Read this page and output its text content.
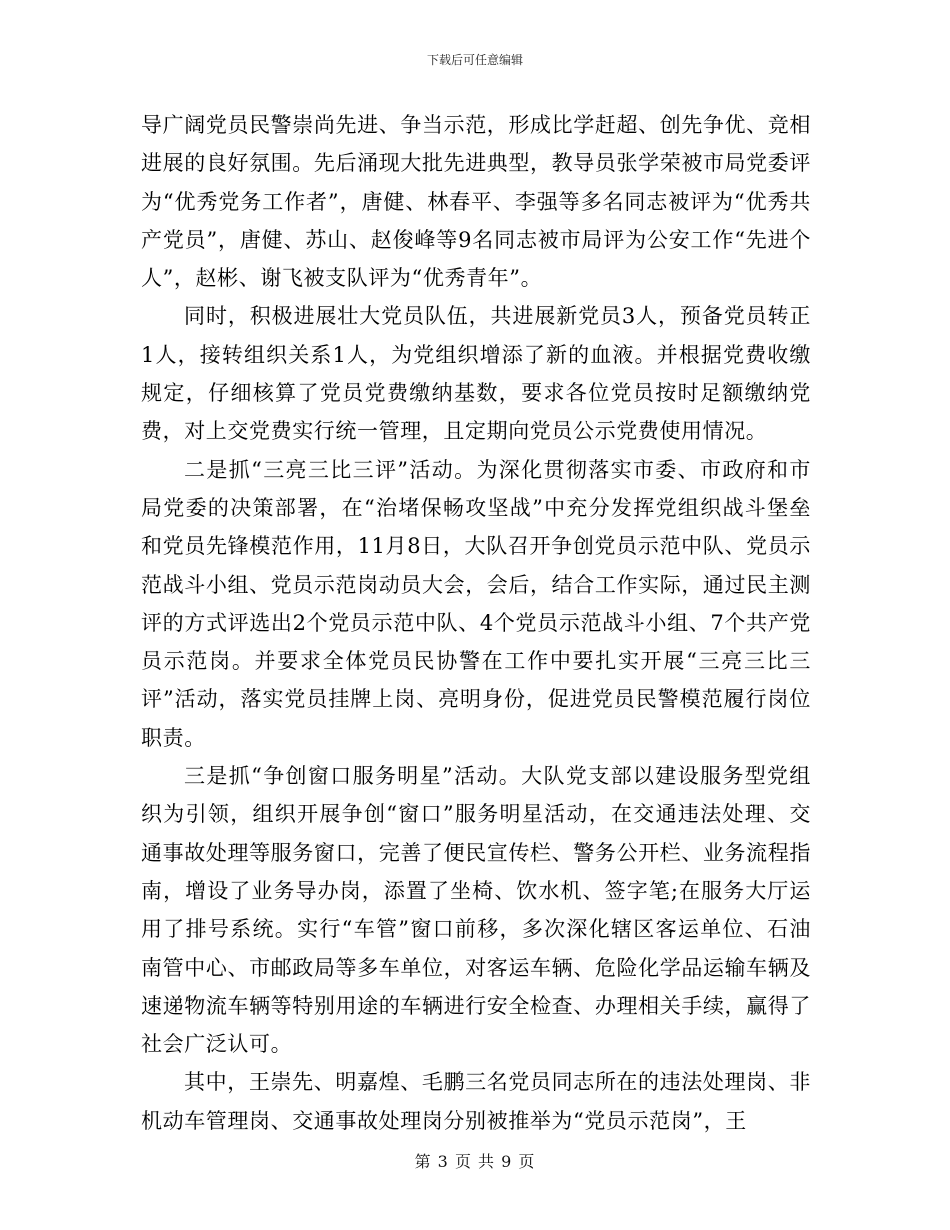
下载后可任意编辑

导广阔党员民警崇尚先进、争当示范，形成比学赶超、创先争优、竞相进展的良好氛围。先后涌现大批先进典型，教导员张学荣被市局党委评为“优秀党务工作者”，唐健、林春平、李强等多名同志被评为“优秀共产党员”，唐健、苏山、赵俊峰等9名同志被市局评为公安工作“先进个人”，赵彬、谢飞被支队评为“优秀青年”。

同时，积极进展壮大党员队伍，共进展新党员3人，预备党员转正1人，接转组织关系1人，为党组织增添了新的血液。并根据党费收缴规定，仔细核算了党员党费缴纳基数，要求各位党员按时足额缴纳党费，对上交党费实行统一管理，且定期向党员公示党费使用情况。

二是抓“三亮三比三评”活动。为深化贯彻落实市委、市政府和市局党委的决策部署，在“治堵保畅攻坚战”中充分发挥党组织战斗堡垒和党员先锋模范作用，11月8日，大队召开争创党员示范中队、党员示范战斗小组、党员示范岗动员大会，会后，结合工作实际，通过民主测评的方式评选出2个党员示范中队、4个党员示范战斗小组、7个共产党员示范岗。并要求全体党员民协警在工作中要扎实开展“三亮三比三评”活动，落实党员挂牌上岗、亮明身份，促进党员民警模范履行岗位职责。

三是抓“争创窗口服务明星”活动。大队党支部以建设服务型党组织为引领，组织开展争创“窗口”服务明星活动，在交通违法处理、交通事故处理等服务窗口，完善了便民宣传栏、警务公开栏、业务流程指南，增设了业务导办岗，添置了坐椅、饮水机、签字笔;在服务大厅运用了排号系统。实行“车管”窗口前移，多次深化辖区客运单位、石油南管中心、市邮政局等多车单位，对客运车辆、危险化学品运输车辆及速递物流车辆等特别用途的车辆进行安全检查、办理相关手续，赢得了社会广泛认可。

其中，王崇先、明嘉煌、毛鹏三名党员同志所在的违法处理岗、非机动车管理岗、交通事故处理岗分别被推举为“党员示范岗”，王

第 3 页 共 9 页
